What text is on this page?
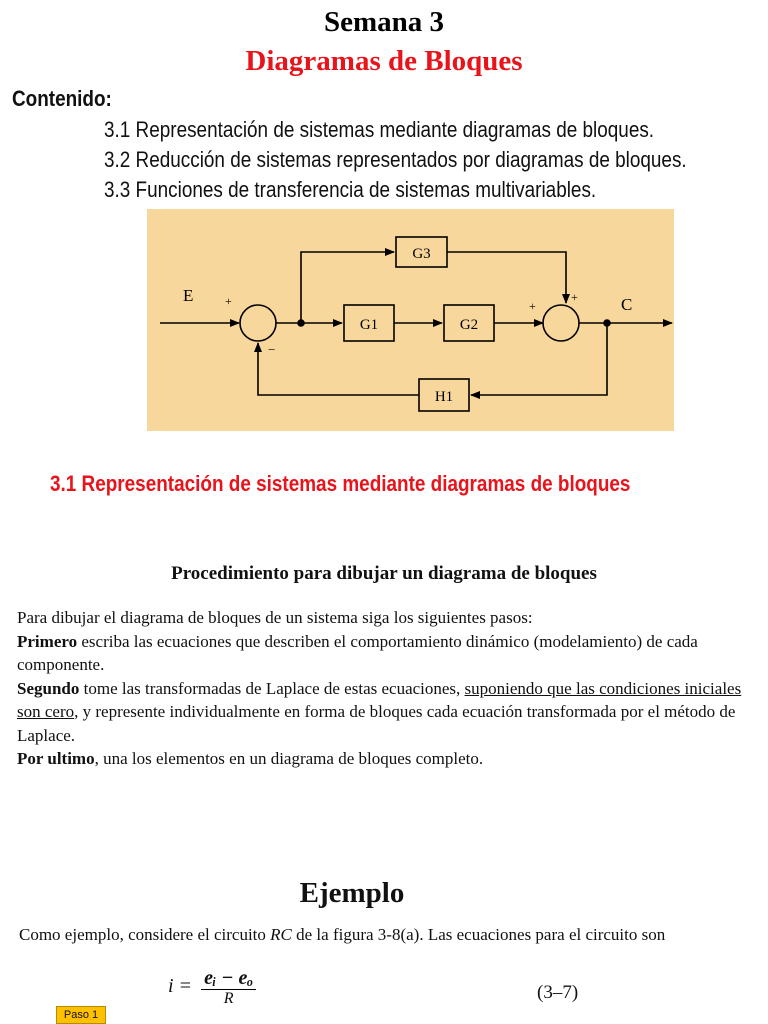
Semana 3
Diagramas de Bloques
Contenido:
3.1 Representación de sistemas mediante diagramas de bloques.
3.2 Reducción de sistemas representados por diagramas de bloques.
3.3 Funciones de transferencia de sistemas multivariables.
E	C
G3
G1	G2
H1
+
−
+
+
3.1 Representación de sistemas mediante diagramas de bloques
Procedimiento para dibujar un diagrama de bloques
Para dibujar el diagrama de bloques de un sistema siga los siguientes pasos:
Primero escriba las ecuaciones que describen el comportamiento dinámico (modelamiento) de cada componente.
Segundo tome las transformadas de Laplace de estas ecuaciones, suponiendo que las condiciones iniciales son cero, y represente individualmente en forma de bloques cada ecuación transformada por el método de Laplace.
Por ultimo, una los elementos en un diagrama de bloques completo.
Ejemplo
Como ejemplo, considere el circuito RC de la figura 3-8(a). Las ecuaciones para el circuito son
$i = \frac{\text{eᵢ − eₒ}}{R}$	(3–7)
Paso 1
